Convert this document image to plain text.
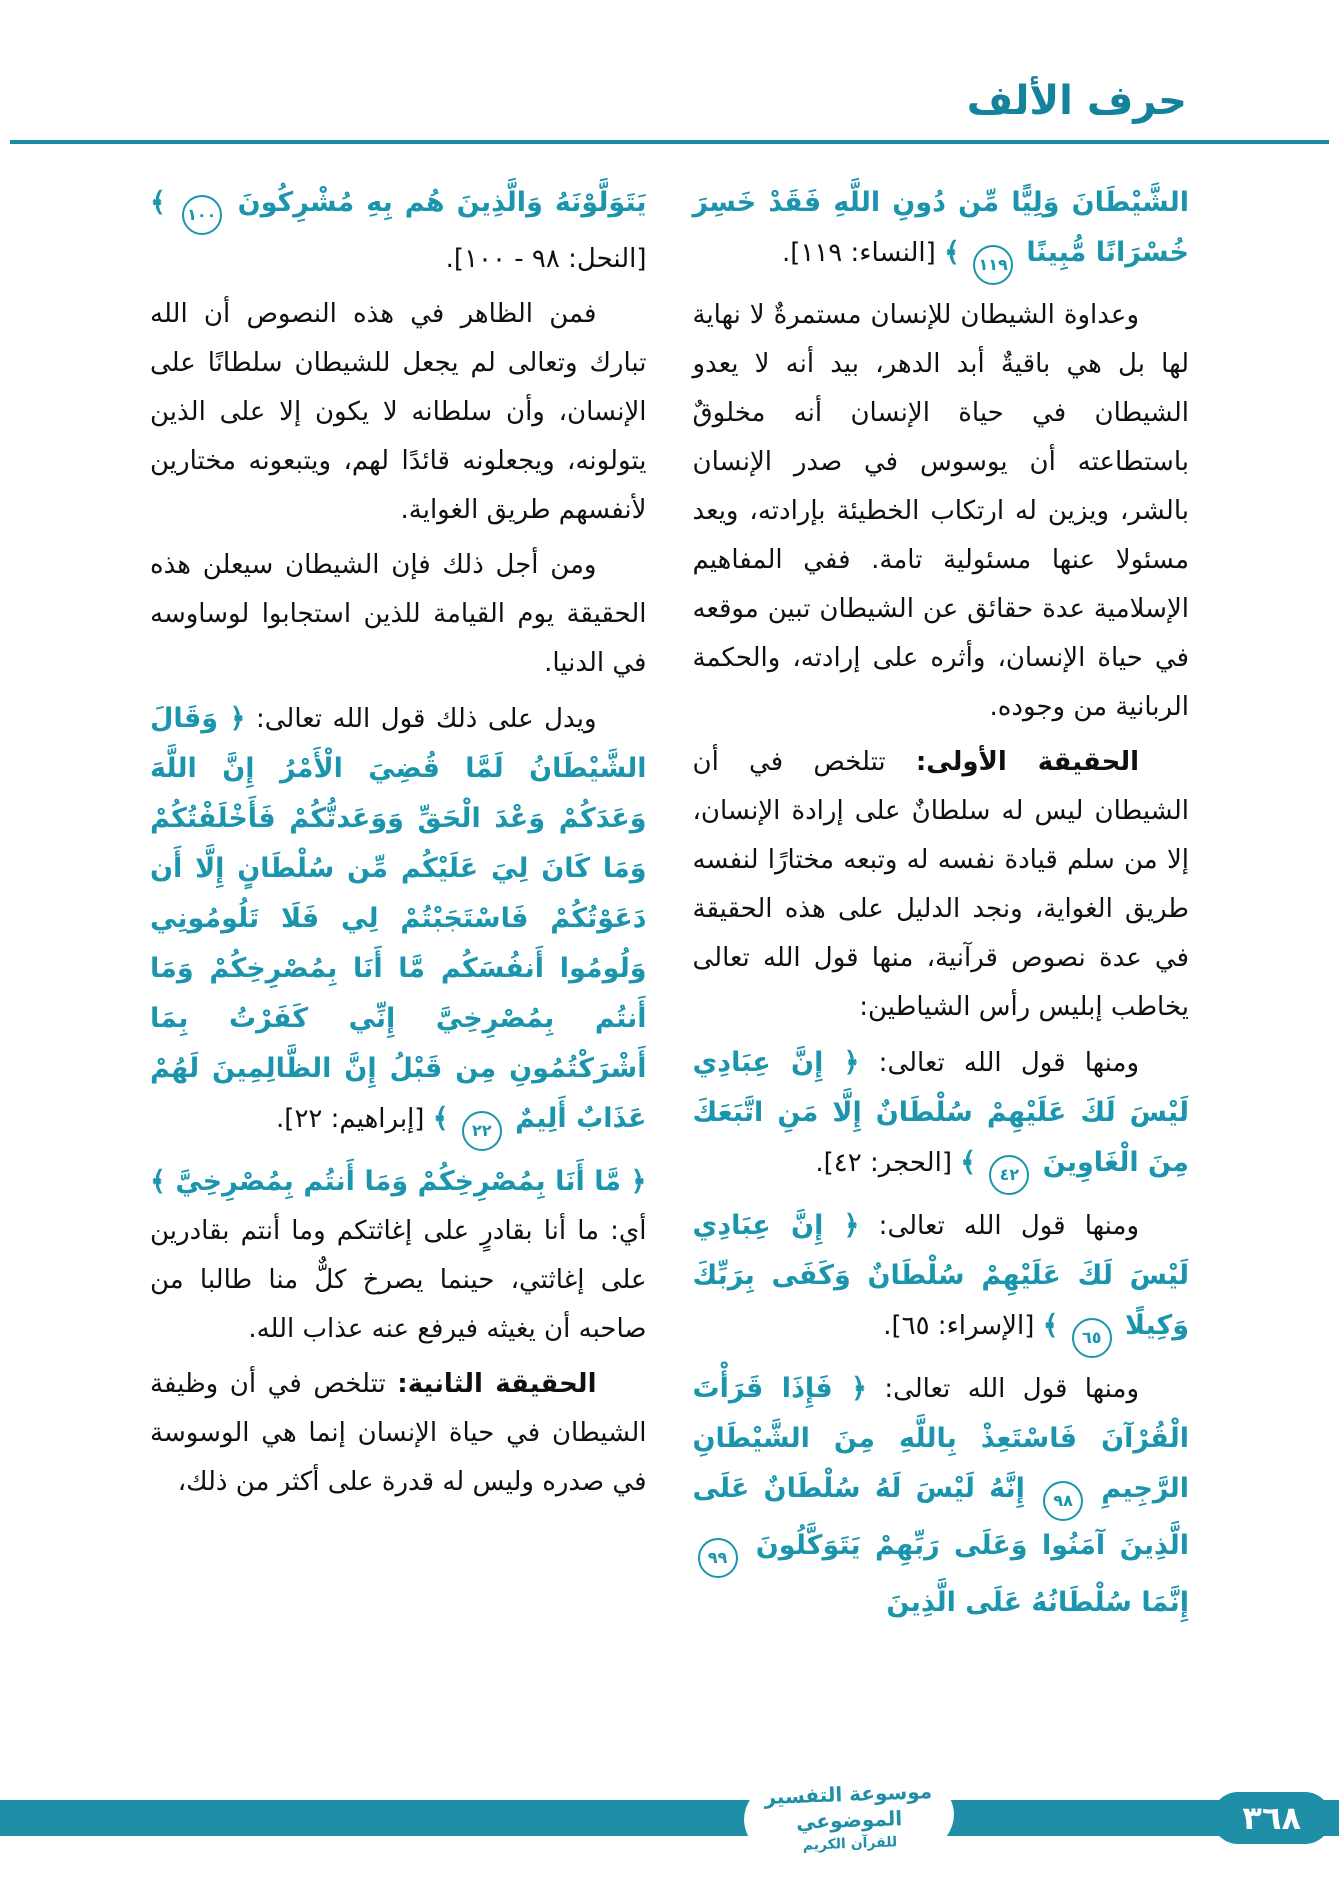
حرف الألف

الشَّيْطَانَ وَلِيًّا مِّن دُونِ اللَّهِ فَقَدْ خَسِرَ خُسْرَانًا مُّبِينًا ١١٩ ﴾ [النساء: ١١٩].

وعداوة الشيطان للإنسان مستمرةٌ لا نهاية لها بل هي باقيةٌ أبد الدهر، بيد أنه لا يعدو الشيطان في حياة الإنسان أنه مخلوقٌ باستطاعته أن يوسوس في صدر الإنسان بالشر، ويزين له ارتكاب الخطيئة بإرادته، ويعد مسئولا عنها مسئولية تامة. ففي المفاهيم الإسلامية عدة حقائق عن الشيطان تبين موقعه في حياة الإنسان، وأثره على إرادته، والحكمة الربانية من وجوده.

الحقيقة الأولى: تتلخص في أن الشيطان ليس له سلطانٌ على إرادة الإنسان، إلا من سلم قيادة نفسه له وتبعه مختارًا لنفسه طريق الغواية، ونجد الدليل على هذه الحقيقة في عدة نصوص قرآنية، منها قول الله تعالى يخاطب إبليس رأس الشياطين:

ومنها قول الله تعالى: ﴿ إِنَّ عِبَادِي لَيْسَ لَكَ عَلَيْهِمْ سُلْطَانٌ إِلَّا مَنِ اتَّبَعَكَ مِنَ الْغَاوِينَ ٤٢ ﴾ [الحجر: ٤٢].

ومنها قول الله تعالى: ﴿ إِنَّ عِبَادِي لَيْسَ لَكَ عَلَيْهِمْ سُلْطَانٌ وَكَفَى بِرَبِّكَ وَكِيلًا ٦٥ ﴾ [الإسراء: ٦٥].

ومنها قول الله تعالى: ﴿ فَإِذَا قَرَأْتَ الْقُرْآنَ فَاسْتَعِذْ بِاللَّهِ مِنَ الشَّيْطَانِ الرَّجِيمِ ٩٨ إِنَّهُ لَيْسَ لَهُ سُلْطَانٌ عَلَى الَّذِينَ آمَنُوا وَعَلَى رَبِّهِمْ يَتَوَكَّلُونَ ٩٩ إِنَّمَا سُلْطَانُهُ عَلَى الَّذِينَ

يَتَوَلَّوْنَهُ وَالَّذِينَ هُم بِهِ مُشْرِكُونَ ١٠٠ ﴾ [النحل: ٩٨ - ١٠٠].

فمن الظاهر في هذه النصوص أن الله تبارك وتعالى لم يجعل للشيطان سلطانًا على الإنسان، وأن سلطانه لا يكون إلا على الذين يتولونه، ويجعلونه قائدًا لهم، ويتبعونه مختارين لأنفسهم طريق الغواية.

ومن أجل ذلك فإن الشيطان سيعلن هذه الحقيقة يوم القيامة للذين استجابوا لوساوسه في الدنيا.

ويدل على ذلك قول الله تعالى: ﴿ وَقَالَ الشَّيْطَانُ لَمَّا قُضِيَ الْأَمْرُ إِنَّ اللَّهَ وَعَدَكُمْ وَعْدَ الْحَقِّ وَوَعَدتُّكُمْ فَأَخْلَفْتُكُمْ وَمَا كَانَ لِيَ عَلَيْكُم مِّن سُلْطَانٍ إِلَّا أَن دَعَوْتُكُمْ فَاسْتَجَبْتُمْ لِي فَلَا تَلُومُونِي وَلُومُوا أَنفُسَكُم مَّا أَنَا بِمُصْرِخِكُمْ وَمَا أَنتُم بِمُصْرِخِيَّ إِنِّي كَفَرْتُ بِمَا أَشْرَكْتُمُونِ مِن قَبْلُ إِنَّ الظَّالِمِينَ لَهُمْ عَذَابٌ أَلِيمٌ ٢٢ ﴾ [إبراهيم: ٢٢].

﴿ مَّا أَنَا بِمُصْرِخِكُمْ وَمَا أَنتُم بِمُصْرِخِيَّ ﴾ أي: ما أنا بقادرٍ على إغاثتكم وما أنتم بقادرين على إغاثتي، حينما يصرخ كلٌّ منا طالبا من صاحبه أن يغيثه فيرفع عنه عذاب الله.

الحقيقة الثانية: تتلخص في أن وظيفة الشيطان في حياة الإنسان إنما هي الوسوسة في صدره وليس له قدرة على أكثر من ذلك،

موسوعة التفسير الموضوعي
للقرآن الكريم
٣٦٨
